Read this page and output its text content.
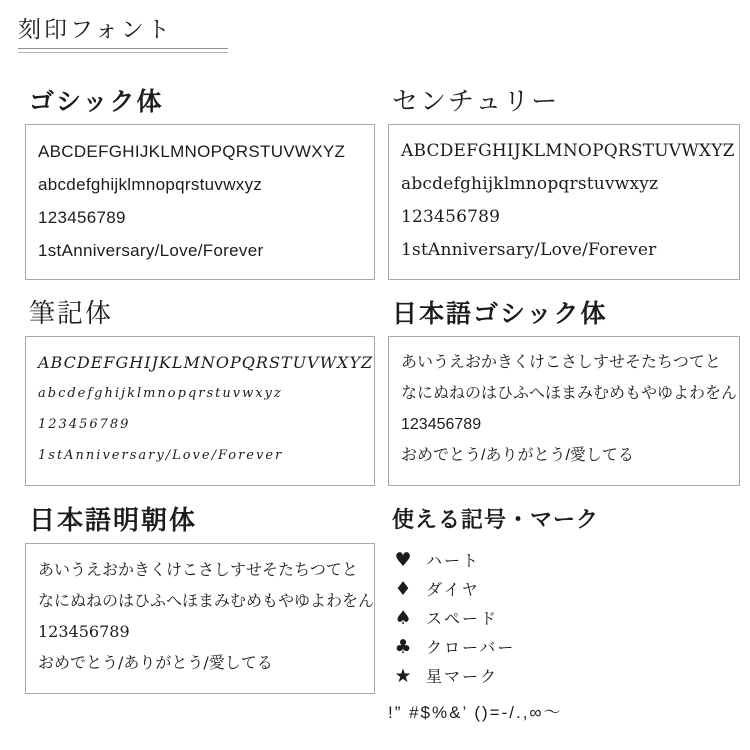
刻印フォント
ゴシック体

ABCDEFGHIJKLMNOPQRSTUVWXYZ

abcdefghijklmnopqrstuvwxyz

123456789

1stAnniversary/Love/Forever

筆記体

ABCDEFGHIJKLMNOPQRSTUVWXYZ

abcdefghijklmnopqrstuvwxyz

123456789

1stAnniversary/Love/Forever

日本語明朝体

あいうえおかきくけこさしすせそたちつてと

なにぬねのはひふへほまみむめもやゆよわをん

123456789

おめでとう/ありがとう/愛してる

センチュリー

ABCDEFGHIJKLMNOPQRSTUVWXYZ

abcdefghijklmnopqrstuvwxyz

123456789

1stAnniversary/Love/Forever

日本語ゴシック体

あいうえおかきくけこさしすせそたちつてと

なにぬねのはひふへほまみむめもやゆよわをん

123456789

おめでとう/ありがとう/愛してる

使える記号・マーク
♥ ハート
♦ ダイヤ
♠ スペード
♣ クローバー
★ 星マーク

!” #$%&’ ()=-/.,∞～
